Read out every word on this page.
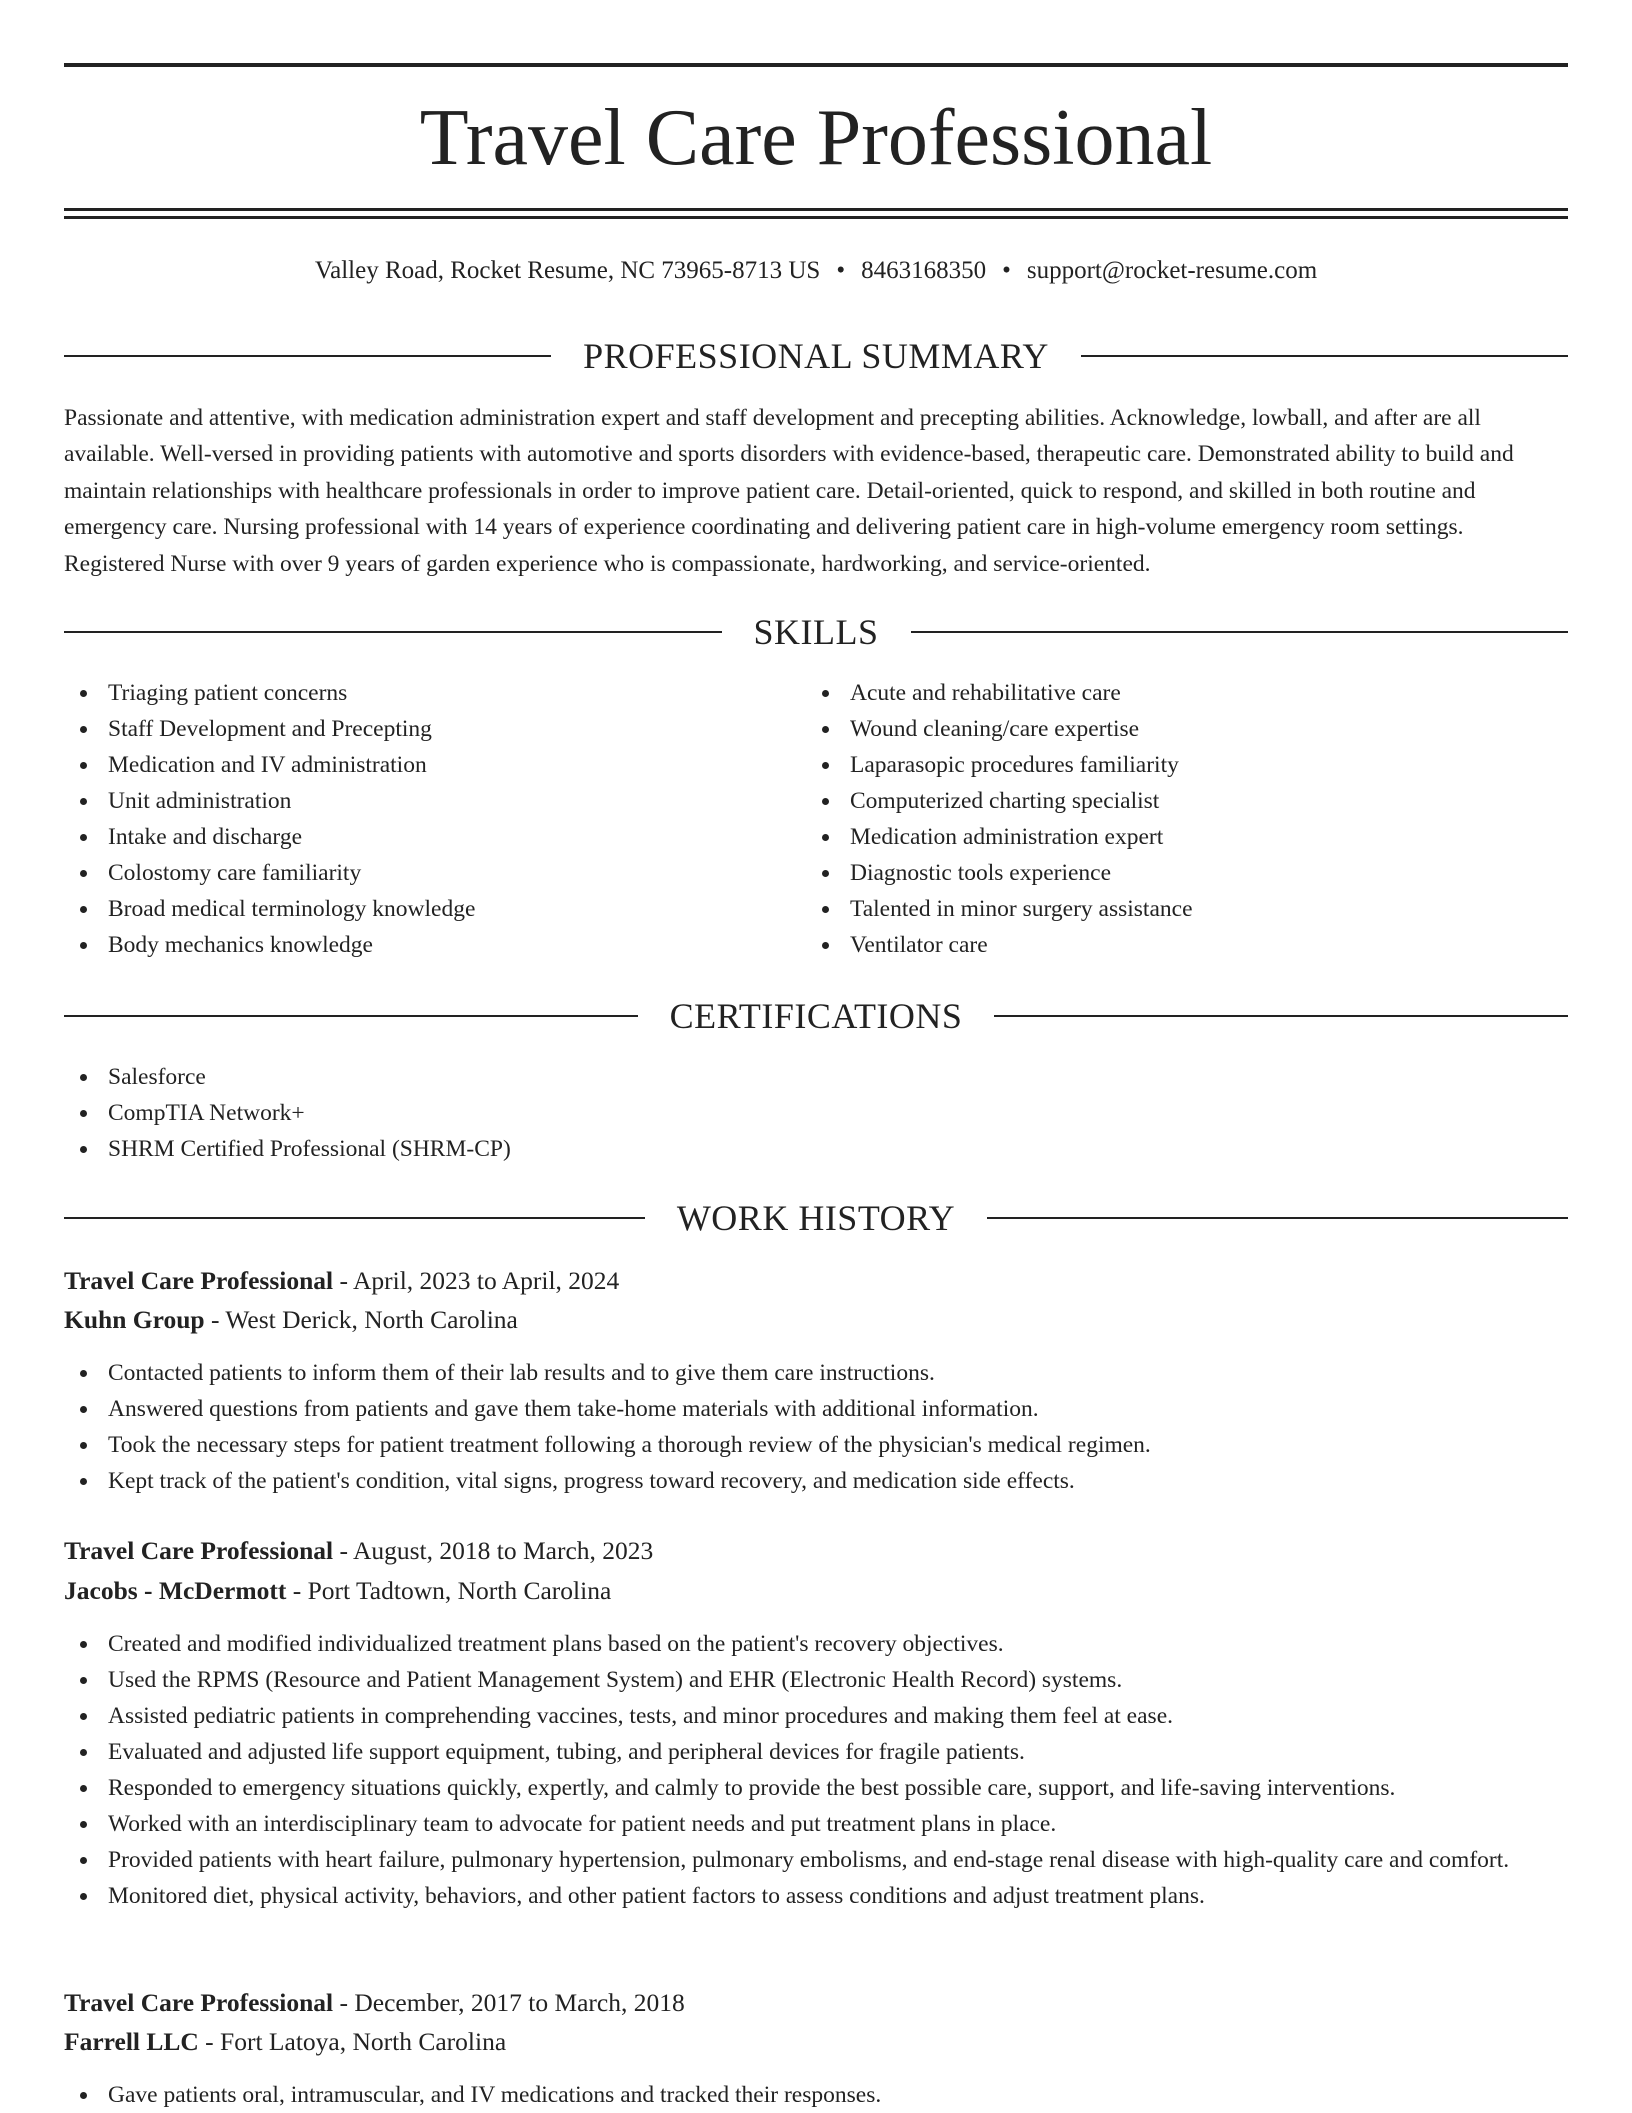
Travel Care Professional
Valley Road, Rocket Resume, NC 73965-8713 US • 8463168350 • support@rocket-resume.com
PROFESSIONAL SUMMARY

Passionate and attentive, with medication administration expert and staff development and precepting abilities. Acknowledge, lowball, and after are all available. Well-versed in providing patients with automotive and sports disorders with evidence-based, therapeutic care. Demonstrated ability to build and maintain relationships with healthcare professionals in order to improve patient care. Detail-oriented, quick to respond, and skilled in both routine and emergency care. Nursing professional with 14 years of experience coordinating and delivering patient care in high-volume emergency room settings. Registered Nurse with over 9 years of garden experience who is compassionate, hardworking, and service-oriented.

SKILLS
Triaging patient concerns
Staff Development and Precepting
Medication and IV administration
Unit administration
Intake and discharge
Colostomy care familiarity
Broad medical terminology knowledge
Body mechanics knowledge
Acute and rehabilitative care
Wound cleaning/care expertise
Laparasopic procedures familiarity
Computerized charting specialist
Medication administration expert
Diagnostic tools experience
Talented in minor surgery assistance
Ventilator care
CERTIFICATIONS
Salesforce
CompTIA Network+
SHRM Certified Professional (SHRM-CP)
WORK HISTORY
Travel Care Professional - April, 2023 to April, 2024
Kuhn Group - West Derick, North Carolina
Contacted patients to inform them of their lab results and to give them care instructions.
Answered questions from patients and gave them take-home materials with additional information.
Took the necessary steps for patient treatment following a thorough review of the physician's medical regimen.
Kept track of the patient's condition, vital signs, progress toward recovery, and medication side effects.
Travel Care Professional - August, 2018 to March, 2023
Jacobs - McDermott - Port Tadtown, North Carolina
Created and modified individualized treatment plans based on the patient's recovery objectives.
Used the RPMS (Resource and Patient Management System) and EHR (Electronic Health Record) systems.
Assisted pediatric patients in comprehending vaccines, tests, and minor procedures and making them feel at ease.
Evaluated and adjusted life support equipment, tubing, and peripheral devices for fragile patients.
Responded to emergency situations quickly, expertly, and calmly to provide the best possible care, support, and life-saving interventions.
Worked with an interdisciplinary team to advocate for patient needs and put treatment plans in place.
Provided patients with heart failure, pulmonary hypertension, pulmonary embolisms, and end-stage renal disease with high-quality care and comfort.
Monitored diet, physical activity, behaviors, and other patient factors to assess conditions and adjust treatment plans.
Travel Care Professional - December, 2017 to March, 2018
Farrell LLC - Fort Latoya, North Carolina
Gave patients oral, intramuscular, and IV medications and tracked their responses.
